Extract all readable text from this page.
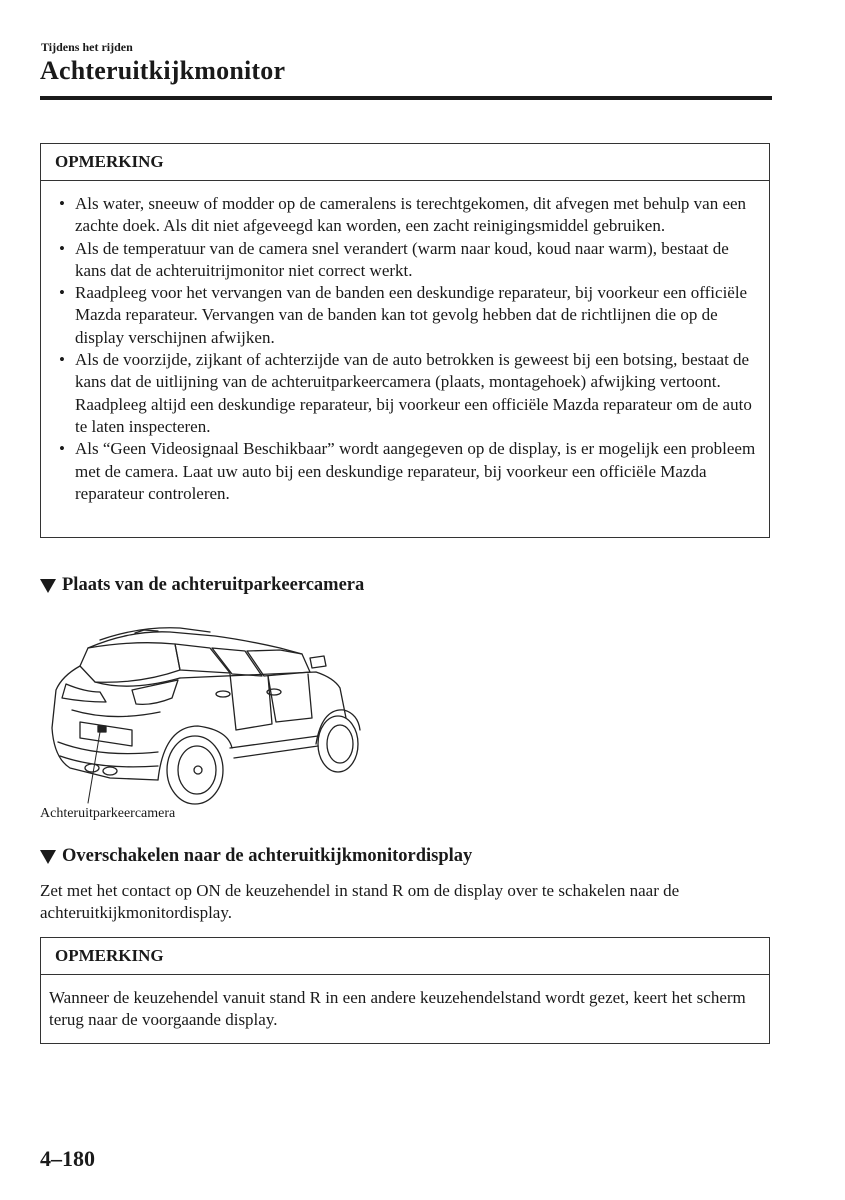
Tijdens het rijden
Achteruitkijkmonitor
OPMERKING
• Als water, sneeuw of modder op de cameralens is terechtgekomen, dit afvegen met behulp van een zachte doek. Als dit niet afgeveegd kan worden, een zacht reinigingsmiddel gebruiken.
• Als de temperatuur van de camera snel verandert (warm naar koud, koud naar warm), bestaat de kans dat de achteruitrijmonitor niet correct werkt.
• Raadpleeg voor het vervangen van de banden een deskundige reparateur, bij voorkeur een officiële Mazda reparateur. Vervangen van de banden kan tot gevolg hebben dat de richtlijnen die op de display verschijnen afwijken.
• Als de voorzijde, zijkant of achterzijde van de auto betrokken is geweest bij een botsing, bestaat de kans dat de uitlijning van de achteruitparkeercamera (plaats, montagehoek) afwijking vertoont. Raadpleeg altijd een deskundige reparateur, bij voorkeur een officiële Mazda reparateur om de auto te laten inspecteren.
• Als “Geen Videosignaal Beschikbaar” wordt aangegeven op de display, is er mogelijk een probleem met de camera. Laat uw auto bij een deskundige reparateur, bij voorkeur een officiële Mazda reparateur controleren.
Plaats van de achteruitparkeercamera
Achteruitparkeercamera
Overschakelen naar de achteruitkijkmonitordisplay
Zet met het contact op ON de keuzehendel in stand R om de display over te schakelen naar de achteruitkijkmonitordisplay.
OPMERKING
Wanneer de keuzehendel vanuit stand R in een andere keuzehendelstand wordt gezet, keert het scherm terug naar de voorgaande display.
4–180
